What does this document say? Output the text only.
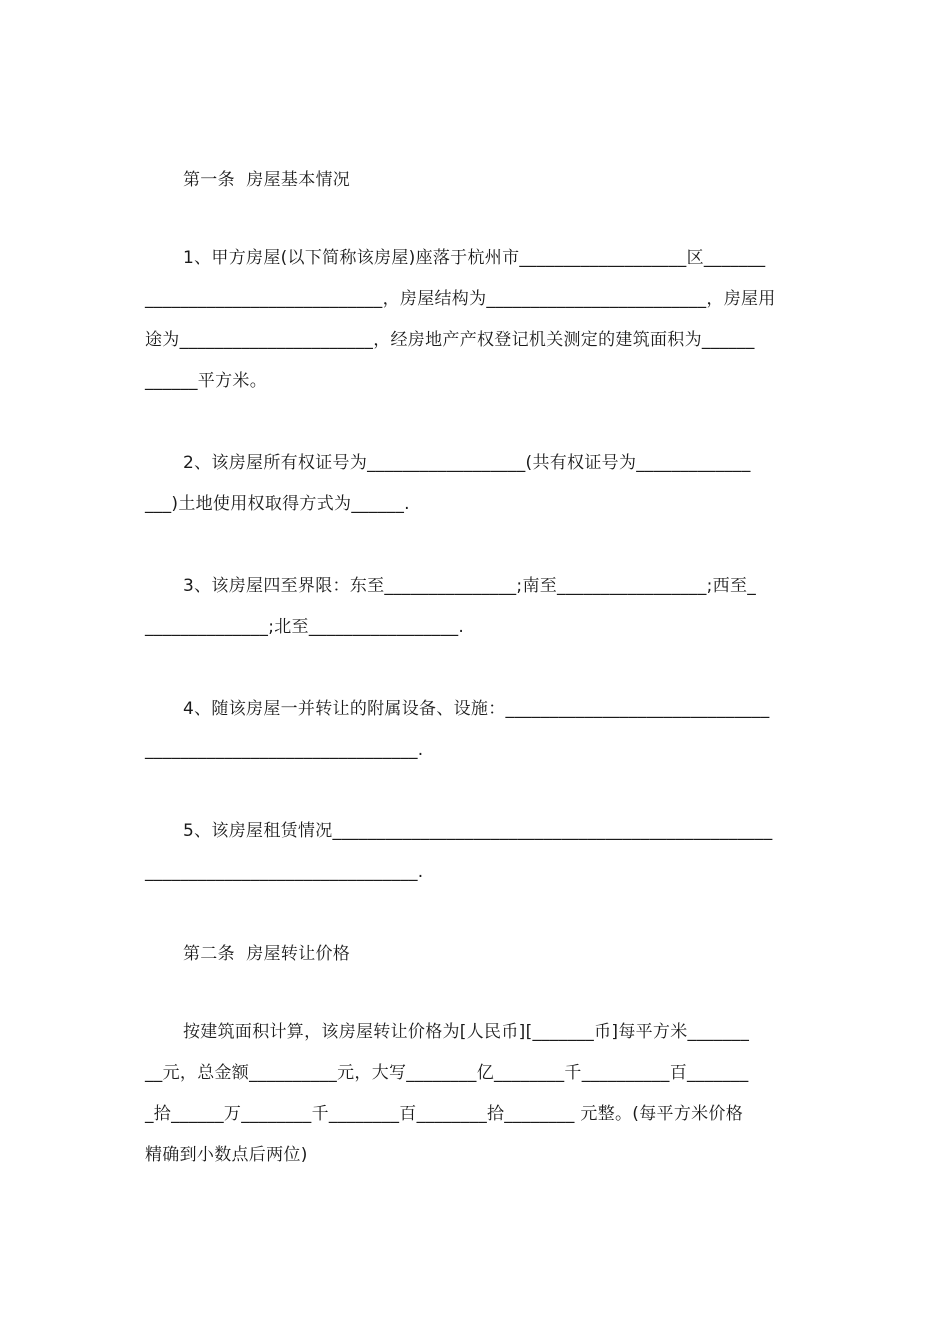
第一条  房屋基本情况
1、甲方房屋(以下简称该房屋)座落于杭州市___________________区_______
___________________________，房屋结构为_________________________，房屋用
途为______________________，经房地产产权登记机关测定的建筑面积为______
______平方米。
2、该房屋所有权证号为__________________(共有权证号为_____________
___)土地使用权取得方式为______.
3、该房屋四至界限：东至_______________;南至_________________;西至_
______________;北至_________________.
4、随该房屋一并转让的附属设备、设施：______________________________
_______________________________.
5、该房屋租赁情况__________________________________________________
_______________________________.
第二条  房屋转让价格
按建筑面积计算，该房屋转让价格为[人民币][_______币]每平方米_______
__元，总金额__________元，大写________亿________千__________百_______
_拾______万________千________百________拾________ 元整。(每平方米价格
精确到小数点后两位)
